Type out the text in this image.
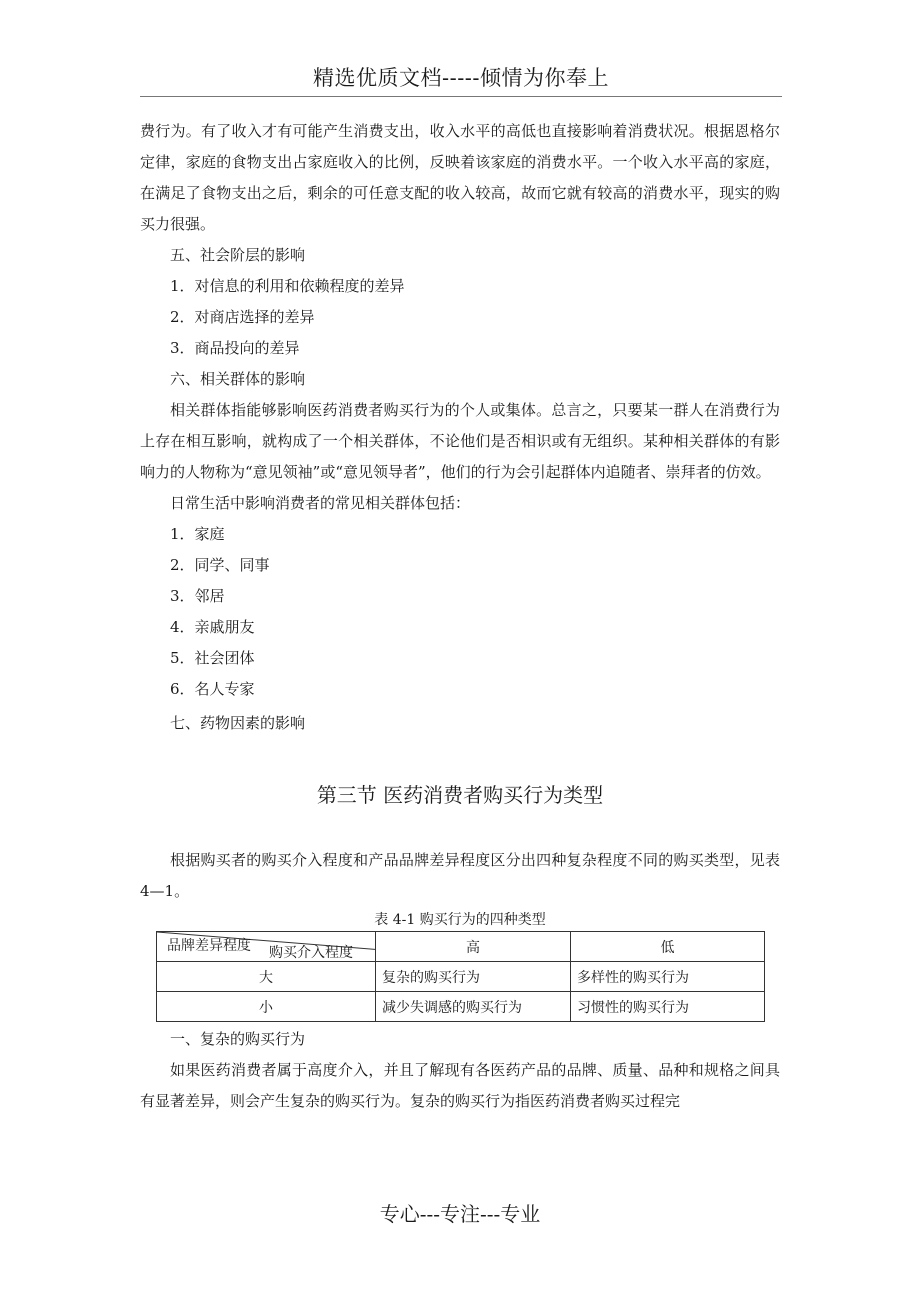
精选优质文档-----倾情为你奉上

费行为。有了收入才有可能产生消费支出，收入水平的高低也直接影响着消费状况。根据恩格尔定律，家庭的食物支出占家庭收入的比例，反映着该家庭的消费水平。一个收入水平高的家庭，在满足了食物支出之后，剩余的可任意支配的收入较高，故而它就有较高的消费水平，现实的购买力很强。

五、社会阶层的影响

1．对信息的利用和依赖程度的差异

2．对商店选择的差异

3．商品投向的差异

六、相关群体的影响

相关群体指能够影响医药消费者购买行为的个人或集体。总言之，只要某一群人在消费行为上存在相互影响，就构成了一个相关群体，不论他们是否相识或有无组织。某种相关群体的有影响力的人物称为“意见领袖”或“意见领导者”，他们的行为会引起群体内追随者、崇拜者的仿效。

日常生活中影响消费者的常见相关群体包括：

1．家庭

2．同学、同事

3．邻居

4．亲戚朋友

5．社会团体

6．名人专家

七、药物因素的影响

第三节 医药消费者购买行为类型

根据购买者的购买介入程度和产品品牌差异程度区分出四种复杂程度不同的购买类型，见表 4—1。

表 4-1 购买行为的四种类型
购买介入程度
品牌差异程度	高	低
大	复杂的购买行为	多样性的购买行为
小	减少失调感的购买行为	习惯性的购买行为

一、复杂的购买行为

如果医药消费者属于高度介入，并且了解现有各医药产品的品牌、质量、品种和规格之间具有显著差异，则会产生复杂的购买行为。复杂的购买行为指医药消费者购买过程完

专心---专注---专业
